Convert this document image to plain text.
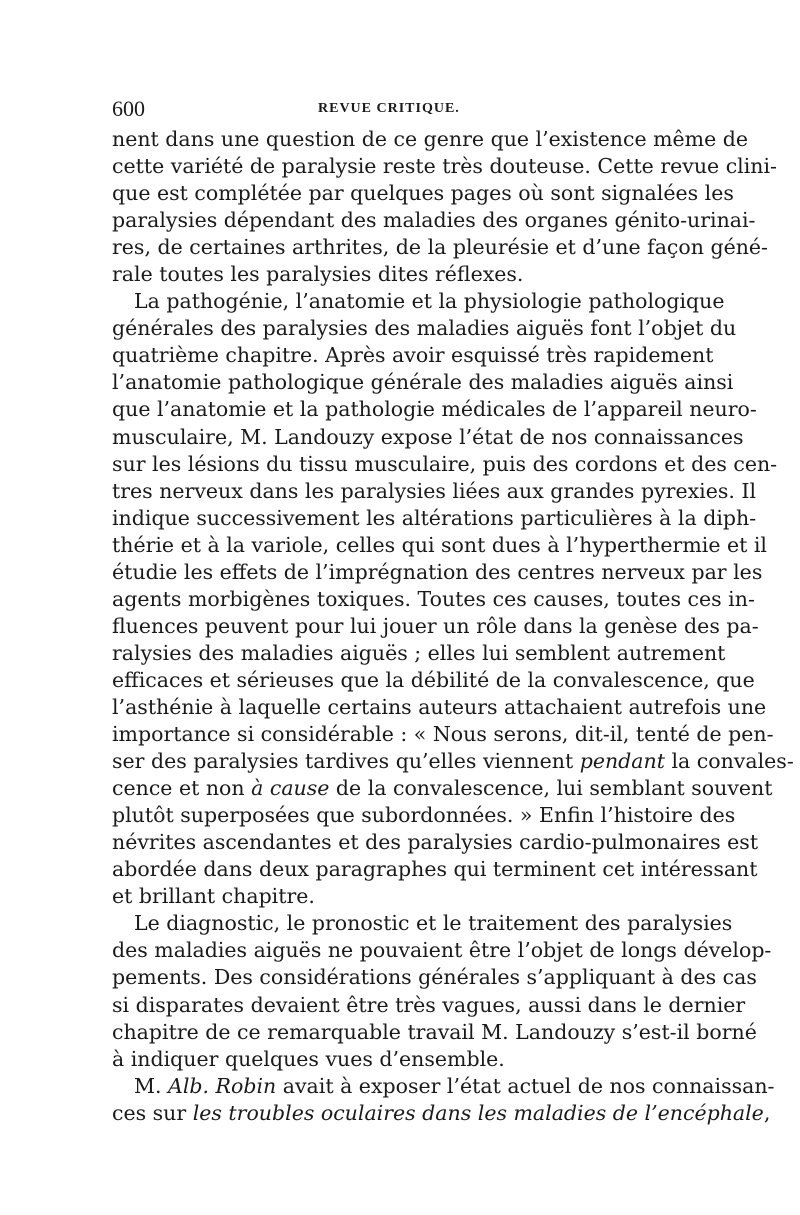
600	REVUE CRITIQUE.
nent dans une question de ce genre que l’existence même de
cette variété de paralysie reste très douteuse. Cette revue clini-
que est complétée par quelques pages où sont signalées les
paralysies dépendant des maladies des organes génito-urinai-
res, de certaines arthrites, de la pleurésie et d’une façon géné-
rale toutes les paralysies dites réflexes.
La pathogénie, l’anatomie et la physiologie pathologique
générales des paralysies des maladies aiguës font l’objet du
quatrième chapitre. Après avoir esquissé très rapidement
l’anatomie pathologique générale des maladies aiguës ainsi
que l’anatomie et la pathologie médicales de l’appareil neuro-
musculaire, M. Landouzy expose l’état de nos connaissances
sur les lésions du tissu musculaire, puis des cordons et des cen-
tres nerveux dans les paralysies liées aux grandes pyrexies. Il
indique successivement les altérations particulières à la diph-
thérie et à la variole, celles qui sont dues à l’hyperthermie et il
étudie les effets de l’imprégnation des centres nerveux par les
agents morbigènes toxiques. Toutes ces causes, toutes ces in-
fluences peuvent pour lui jouer un rôle dans la genèse des pa-
ralysies des maladies aiguës ; elles lui semblent autrement
efficaces et sérieuses que la débilité de la convalescence, que
l’asthénie à laquelle certains auteurs attachaient autrefois une
importance si considérable : « Nous serons, dit-il, tenté de pen-
ser des paralysies tardives qu’elles viennent pendant la convales-
cence et non à cause de la convalescence, lui semblant souvent
plutôt superposées que subordonnées. » Enfin l’histoire des
névrites ascendantes et des paralysies cardio-pulmonaires est
abordée dans deux paragraphes qui terminent cet intéressant
et brillant chapitre.
Le diagnostic, le pronostic et le traitement des paralysies
des maladies aiguës ne pouvaient être l’objet de longs dévelop-
pements. Des considérations générales s’appliquant à des cas
si disparates devaient être très vagues, aussi dans le dernier
chapitre de ce remarquable travail M. Landouzy s’est-il borné
à indiquer quelques vues d’ensemble.
M. Alb. Robin avait à exposer l’état actuel de nos connaissan-
ces sur les troubles oculaires dans les maladies de l’encéphale,
